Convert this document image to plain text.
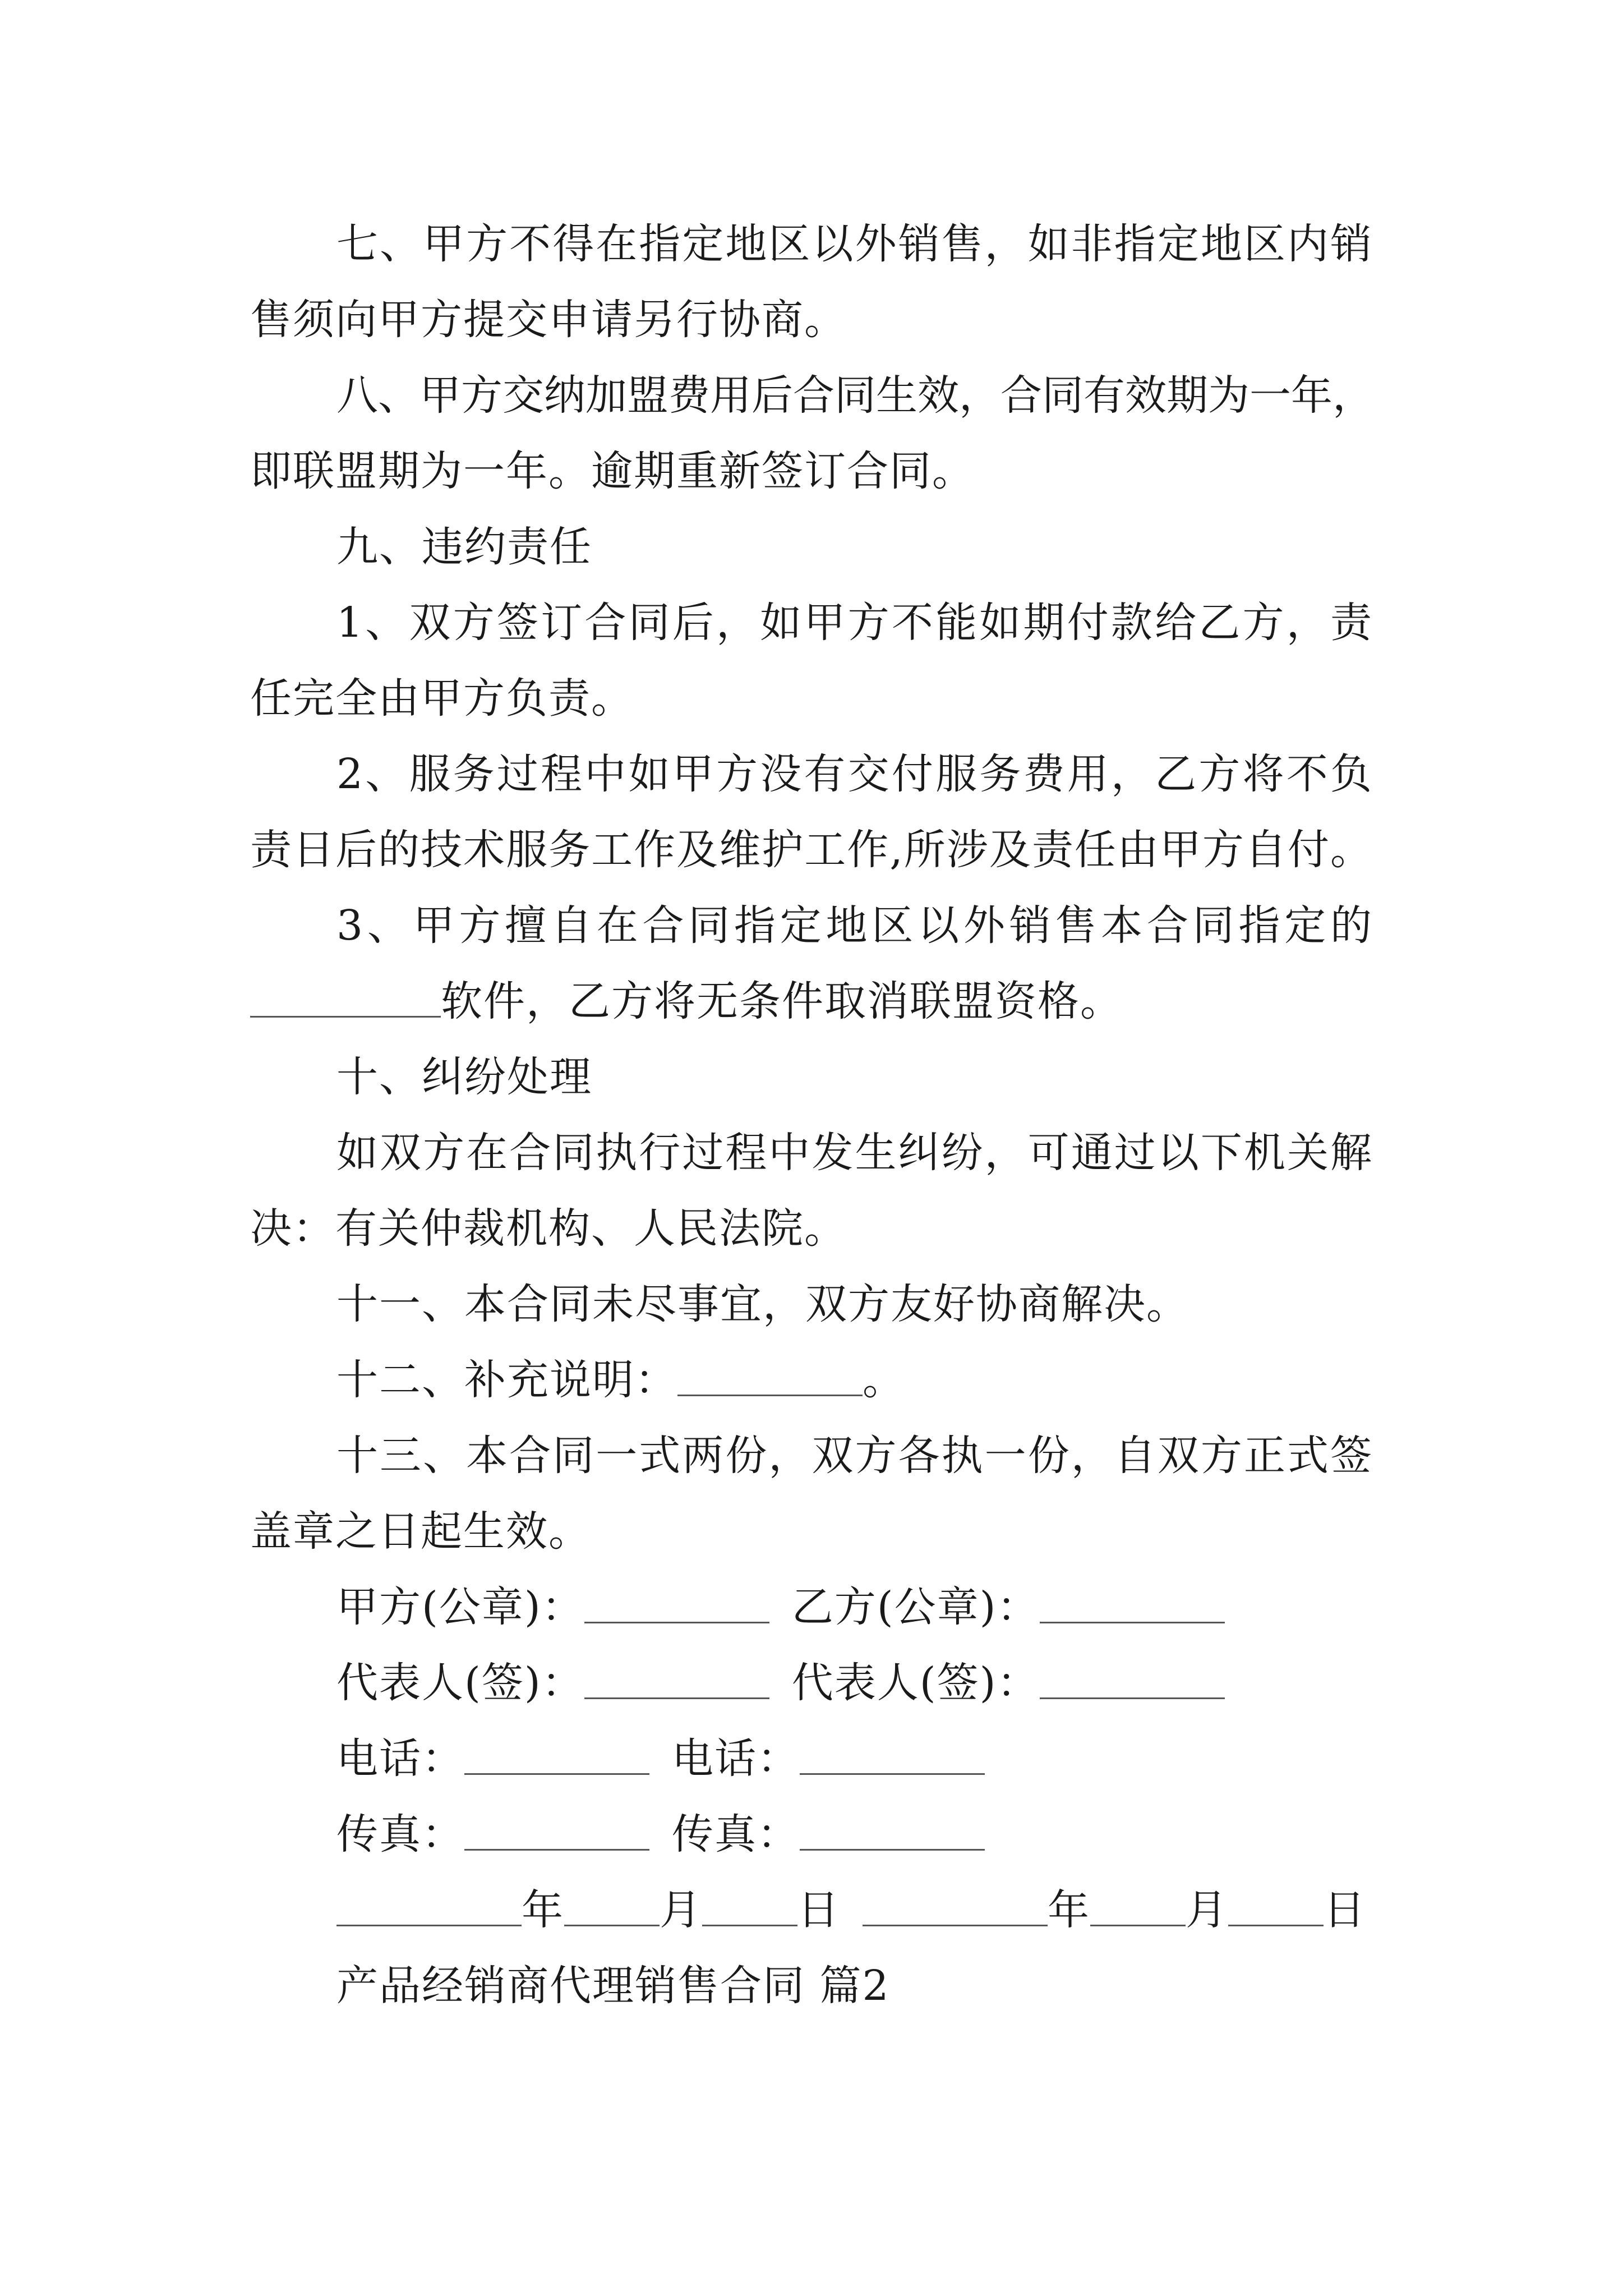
七、甲方不得在指定地区以外销售，如非指定地区内销
售须向甲方提交申请另行协商。
八、甲方交纳加盟费用后合同生效，合同有效期为一年，
即联盟期为一年。逾期重新签订合同。
九、违约责任
1、双方签订合同后，如甲方不能如期付款给乙方，责
任完全由甲方负责。
2、服务过程中如甲方没有交付服务费用，乙方将不负
责日后的技术服务工作及维护工作,所涉及责任由甲方自付。
3、甲方擅自在合同指定地区以外销售本合同指定的
软件，乙方将无条件取消联盟资格。
十、纠纷处理
如双方在合同执行过程中发生纠纷，可通过以下机关解
决：有关仲裁机构、人民法院。
十一、本合同未尽事宜，双方友好协商解决。
十二、补充说明：	。
十三、本合同一式两份，双方各执一份，自双方正式签
盖章之日起生效。
甲方(公章)：	乙方(公章)：
代表人(签)：	代表人(签)：
电话：	电话：
传真：	传真：
年 月 日	年 月 日
产品经销商代理销售合同 篇2
